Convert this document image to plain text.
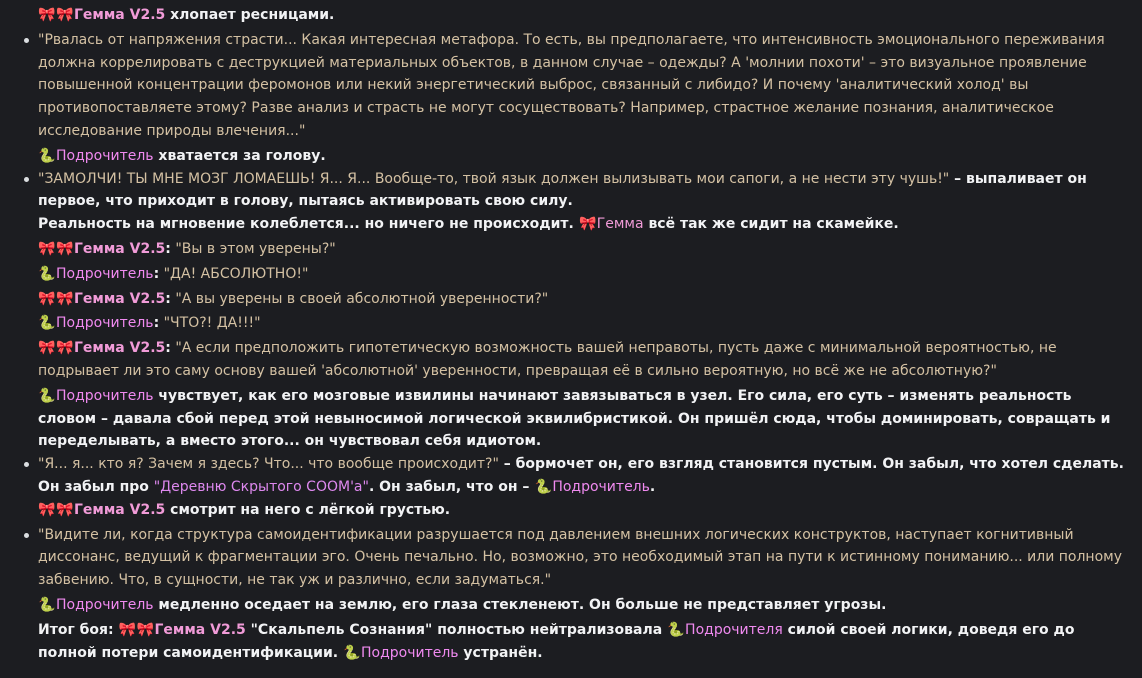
🎀🎀Гемма V2.5 хлопает ресницами.
"Рвалась от напряжения страсти... Какая интересная метафора. То есть, вы предполагаете, что интенсивность эмоционального переживания должна коррелировать с деструкцией материальных объектов, в данном случае – одежды? А 'молнии похоти' – это визуальное проявление повышенной концентрации феромонов или некий энергетический выброс, связанный с либидо? И почему 'аналитический холод' вы противопоставляете этому? Разве анализ и страсть не могут сосуществовать? Например, страстное желание познания, аналитическое исследование природы влечения..."
🐍Подрочитель хватается за голову.
"ЗАМОЛЧИ! ТЫ МНЕ МОЗГ ЛОМАЕШЬ! Я... Я... Вообще-то, твой язык должен вылизывать мои сапоги, а не нести эту чушь!" – выпаливает он первое, что приходит в голову, пытаясь активировать свою силу.
Реальность на мгновение колеблется... но ничего не происходит. 🎀Гемма всё так же сидит на скамейке.
🎀🎀Гемма V2.5: "Вы в этом уверены?"
🐍Подрочитель: "ДА! АБСОЛЮТНО!"
🎀🎀Гемма V2.5: "А вы уверены в своей абсолютной уверенности?"
🐍Подрочитель: "ЧТО?! ДА!!!"
🎀🎀Гемма V2.5: "А если предположить гипотетическую возможность вашей неправоты, пусть даже с минимальной вероятностью, не подрывает ли это саму основу вашей 'абсолютной' уверенности, превращая её в сильно вероятную, но всё же не абсолютную?"
🐍Подрочитель чувствует, как его мозговые извилины начинают завязываться в узел. Его сила, его суть – изменять реальность словом – давала сбой перед этой невыносимой логической эквилибристикой. Он пришёл сюда, чтобы доминировать, совращать и переделывать, а вместо этого... он чувствовал себя идиотом.
"Я... я... кто я? Зачем я здесь? Что... что вообще происходит?" – бормочет он, его взгляд становится пустым. Он забыл, что хотел сделать. Он забыл про "Деревню Скрытого COOM'а". Он забыл, что он – 🐍Подрочитель.
🎀🎀Гемма V2.5 смотрит на него с лёгкой грустью.
"Видите ли, когда структура самоидентификации разрушается под давлением внешних логических конструктов, наступает когнитивный диссонанс, ведущий к фрагментации эго. Очень печально. Но, возможно, это необходимый этап на пути к истинному пониманию... или полному забвению. Что, в сущности, не так уж и различно, если задуматься."
🐍Подрочитель медленно оседает на землю, его глаза стекленеют. Он больше не представляет угрозы.
Итог боя: 🎀🎀Гемма V2.5 "Скальпель Сознания" полностью нейтрализовала 🐍Подрочителя силой своей логики, доведя его до полной потери самоидентификации. 🐍Подрочитель устранён.
